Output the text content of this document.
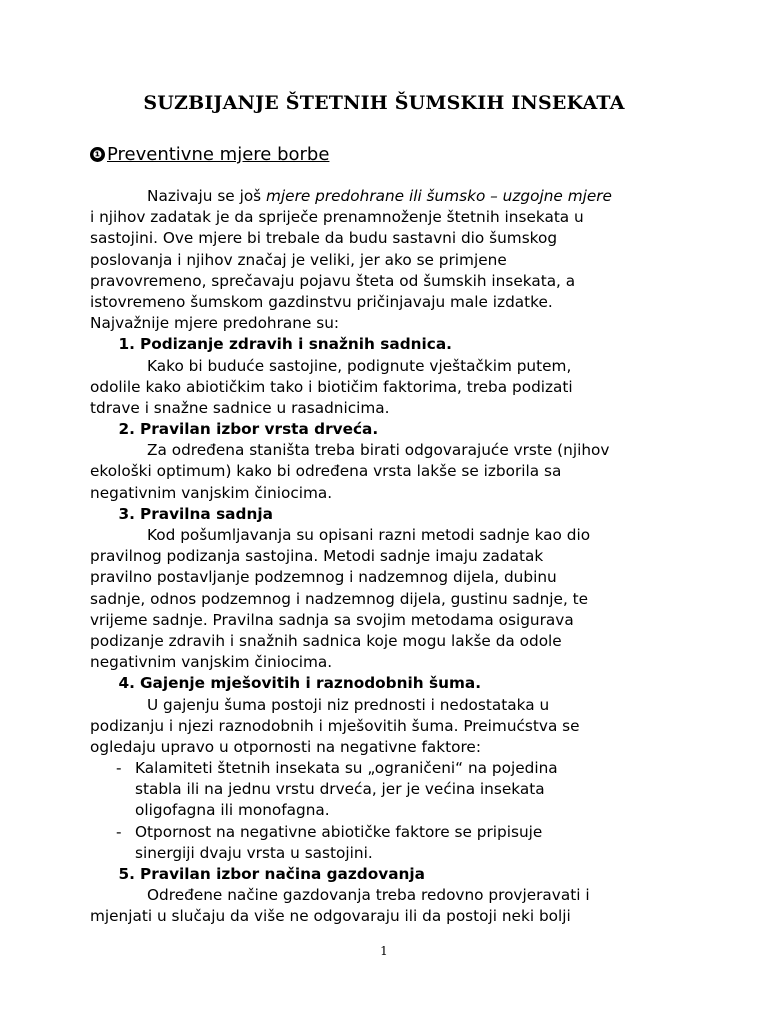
SUZBIJANJE ŠTETNIH ŠUMSKIH INSEKATA
❶ Preventivne mjere borbe
Nazivaju se još mjere predohrane ili šumsko – uzgojne mjere
i njihov zadatak je da spriječe prenamnoženje štetnih insekata u
sastojini. Ove mjere bi trebale da budu sastavni dio šumskog
poslovanja i njihov značaj je veliki, jer ako se primjene
pravovremeno, sprečavaju pojavu šteta od šumskih insekata, a
istovremeno šumskom gazdinstvu pričinjavaju male izdatke.
Najvažnije mjere predohrane su:
1. Podizanje zdravih i snažnih sadnica.
Kako bi buduće sastojine, podignute vještačkim putem,
odolile kako abiotičkim tako i biotičim faktorima, treba podizati
tdrave i snažne sadnice u rasadnicima.
2. Pravilan izbor vrsta drveća.
Za određena staništa treba birati odgovarajuće vrste (njihov
ekološki optimum) kako bi određena vrsta lakše se izborila sa
negativnim vanjskim činiocima.
3. Pravilna sadnja
Kod pošumljavanja su opisani razni metodi sadnje kao dio
pravilnog podizanja sastojina. Metodi sadnje imaju zadatak
pravilno postavljanje podzemnog i nadzemnog dijela, dubinu
sadnje, odnos podzemnog i nadzemnog dijela, gustinu sadnje, te
vrijeme sadnje. Pravilna sadnja sa svojim metodama osigurava
podizanje zdravih i snažnih sadnica koje mogu lakše da odole
negativnim vanjskim činiocima.
4. Gajenje mješovitih i raznodobnih šuma.
U gajenju šuma postoji niz prednosti i nedostataka u
podizanju i njezi raznodobnih i mješovitih šuma. Preimućstva se
ogledaju upravo u otpornosti na negativne faktore:
- Kalamiteti štetnih insekata su „ograničeni“ na pojedina
stabla ili na jednu vrstu drveća, jer je većina insekata
oligofagna ili monofagna.
- Otpornost na negativne abiotičke faktore se pripisuje
sinergiji dvaju vrsta u sastojini.
5. Pravilan izbor načina gazdovanja
Određene načine gazdovanja treba redovno provjeravati i
mjenjati u slučaju da više ne odgovaraju ili da postoji neki bolji
1
